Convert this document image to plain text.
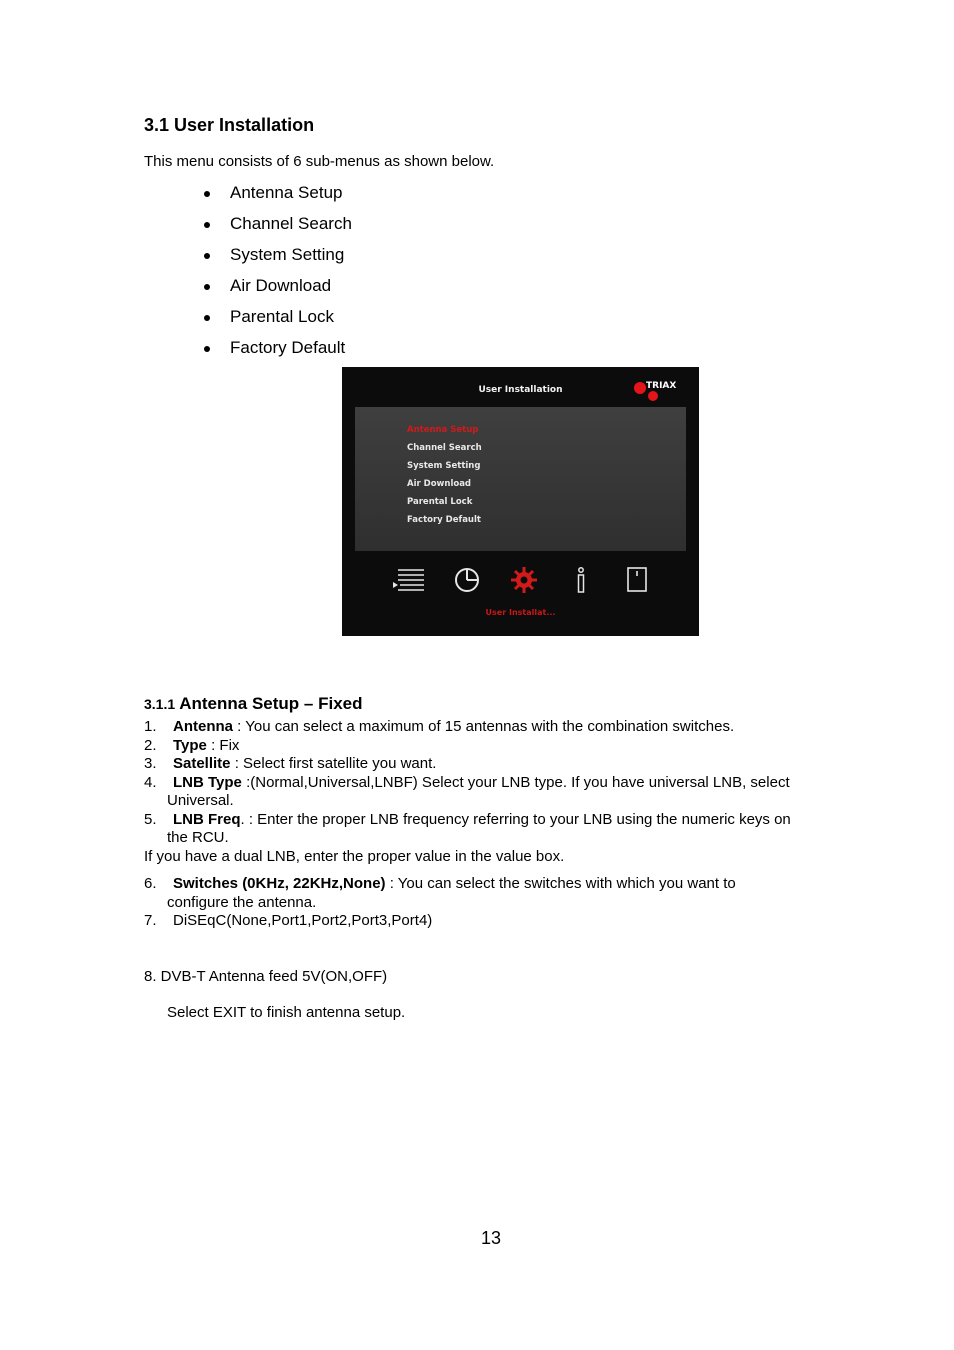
3.1 User Installation
This menu consists of 6 sub-menus as shown below.
Antenna Setup
Channel Search
System Setting
Air Download
Parental Lock
Factory Default
User Installation	TRIAX
Antenna Setup
Channel Search
System Setting
Air Download
Parental Lock
Factory Default
User Installat...
3.1.1 Antenna Setup – Fixed
1. Antenna : You can select a maximum of 15 antennas with the combination switches.
2. Type : Fix
3. Satellite : Select first satellite you want.
4. LNB Type :(Normal,Universal,LNBF) Select your LNB type. If you have universal LNB, select
Universal.
5. LNB Freq. : Enter the proper LNB frequency referring to your LNB using the numeric keys on
the RCU.
If you have a dual LNB, enter the proper value in the value box.
6. Switches (0KHz, 22KHz,None) : You can select the switches with which you want to
configure the antenna.
7. DiSEqC(None,Port1,Port2,Port3,Port4)
8. DVB-T Antenna feed 5V(ON,OFF)
Select EXIT to finish antenna setup.
13
